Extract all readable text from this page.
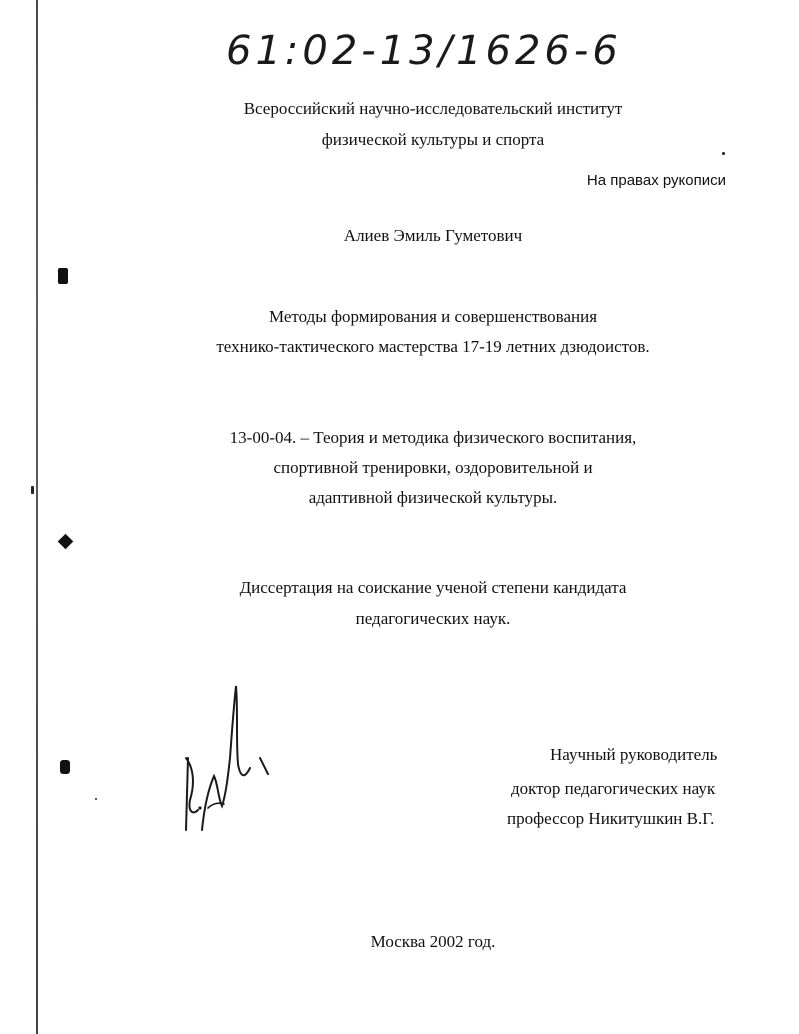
61:02-13/1626-6
Всероссийский научно-исследовательский институт
физической культуры и спорта
На правах рукописи
Алиев Эмиль Гуметович
Методы формирования и совершенствования
технико-тактического мастерства 17-19 летних дзюдоистов.
13-00-04. – Теория и методика физического воспитания,
спортивной тренировки, оздоровительной и
адаптивной физической культуры.
Диссертация на соискание ученой степени кандидата
педагогических наук.
Научный руководитель
доктор педагогических наук
профессор Никитушкин В.Г.
Москва 2002 год.
